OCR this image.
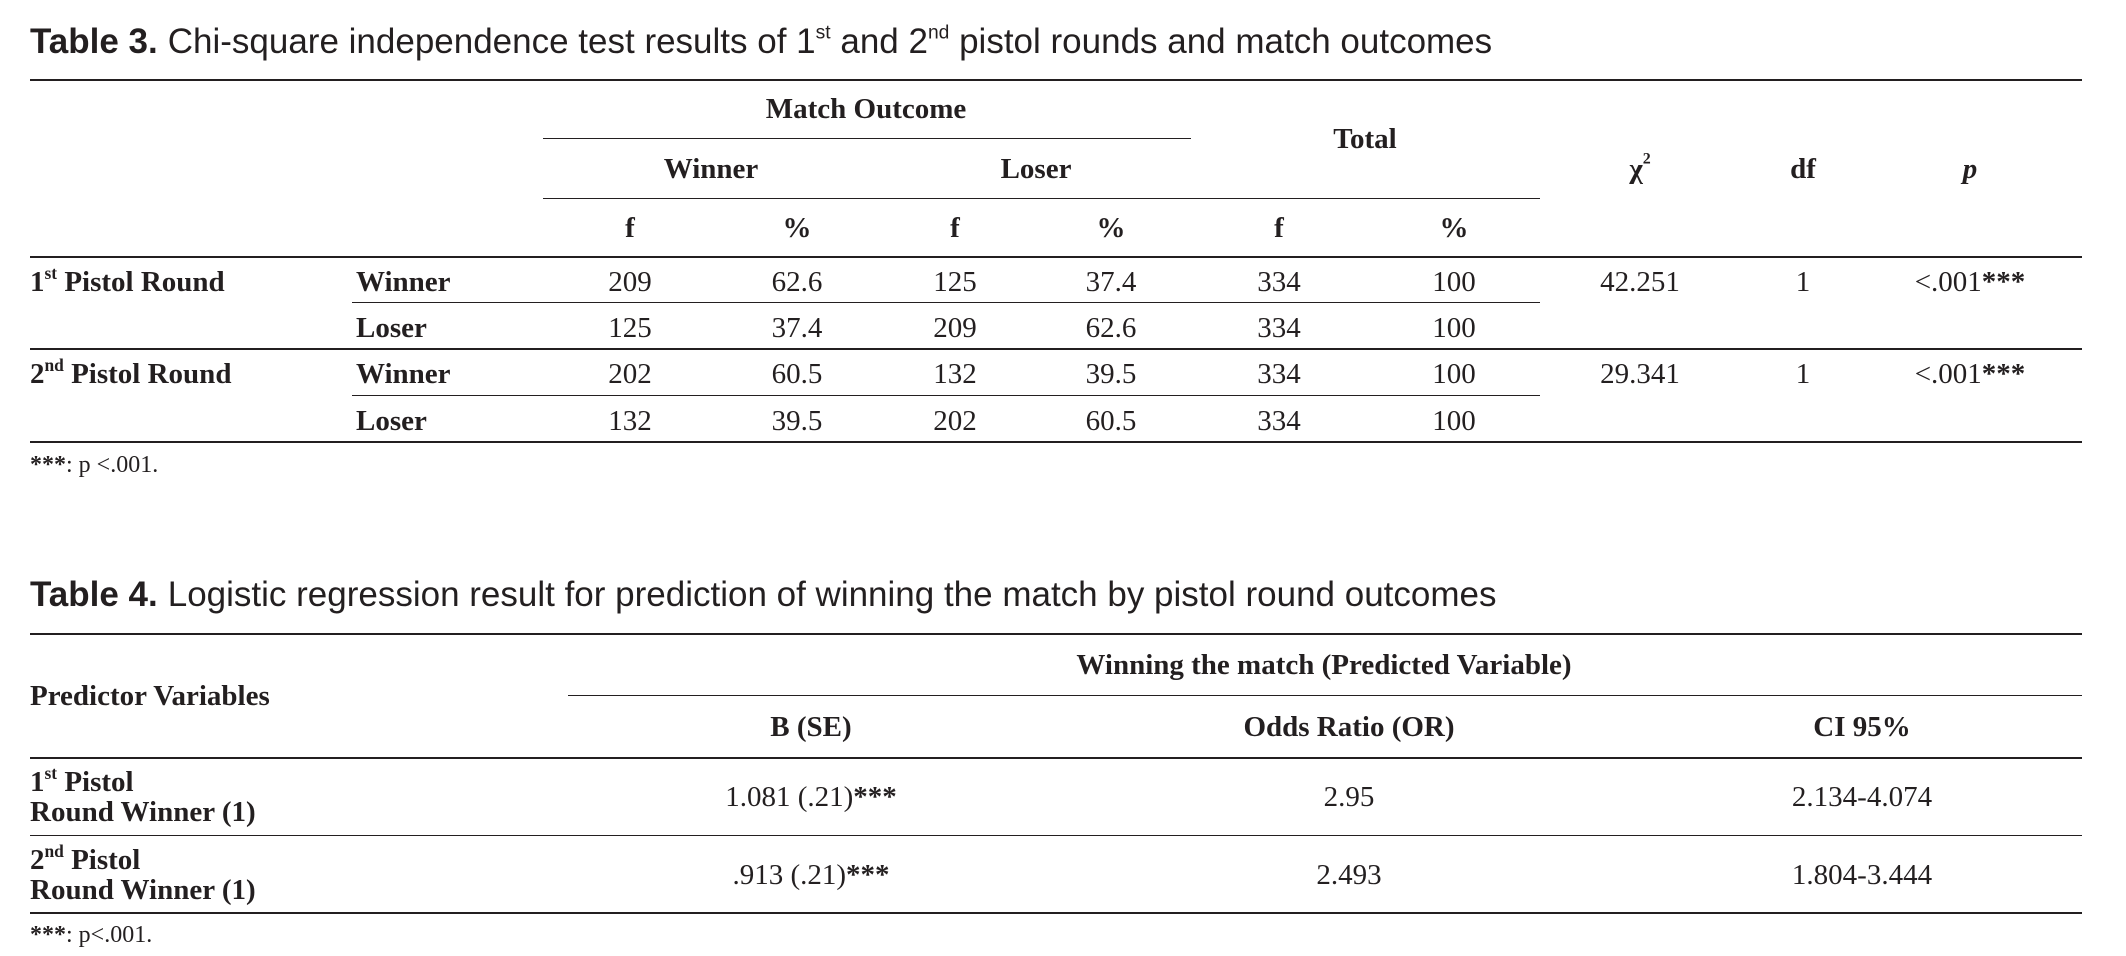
Table 3. Chi-square independence test results of 1st and 2nd pistol rounds and match outcomes
Match Outcome
Total
Winner	Loser	$\chi^2$	df	p
f	%	f	%	f	%
1st Pistol Round	Winner	209	62.6	125	37.4	334	100	42.251	1	<.001***
Loser	125	37.4	209	62.6	334	100
2nd Pistol Round	Winner	202	60.5	132	39.5	334	100	29.341	1	<.001***
Loser	132	39.5	202	60.5	334	100
***: p <.001.
Table 4. Logistic regression result for prediction of winning the match by pistol round outcomes
Predictor Variables
Winning the match (Predicted Variable)
B (SE)	Odds Ratio (OR)	CI 95%
1st Pistol
Round Winner (1)	1.081 (.21)***	2.95	2.134-4.074
2nd Pistol
Round Winner (1)	.913 (.21)***	2.493	1.804-3.444
***: p<.001.
